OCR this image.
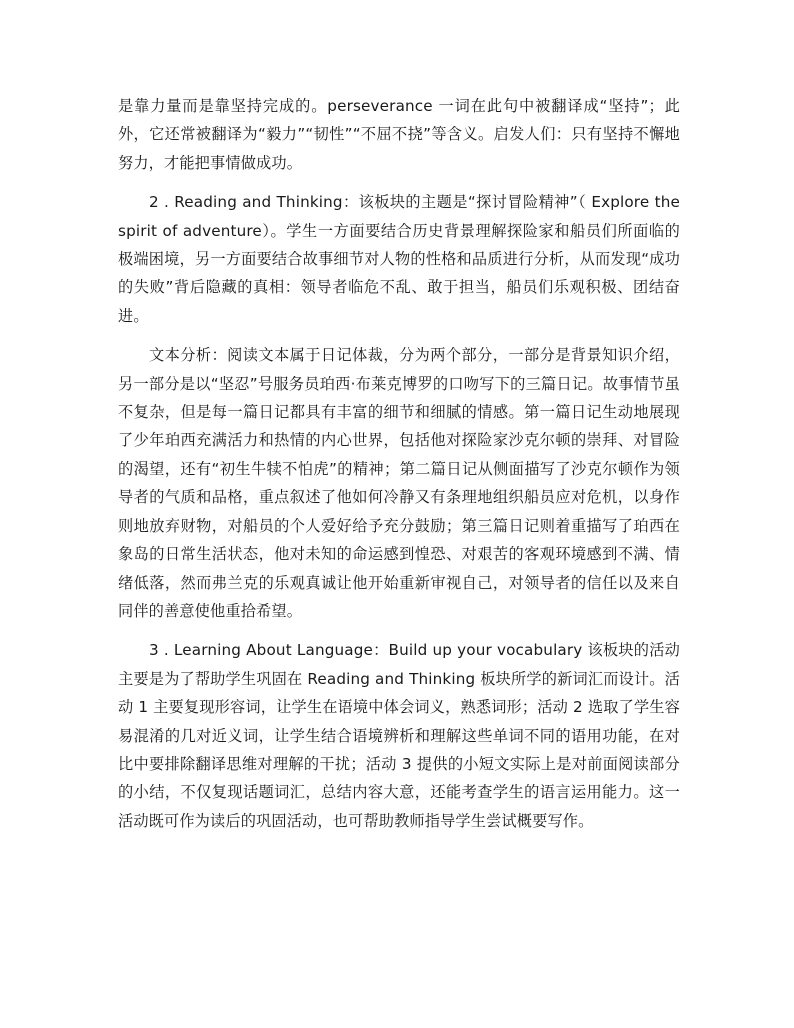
是靠力量而是靠坚持完成的。perseverance 一词在此句中被翻译成“坚持”；此外，它还常被翻译为“毅力”“韧性”“不屈不挠”等含义。启发人们：只有坚持不懈地努力，才能把事情做成功。

2 . Reading and Thinking：该板块的主题是“探讨冒险精神”（ Explore the spirit of adventure）。学生一方面要结合历史背景理解探险家和船员们所面临的极端困境，另一方面要结合故事细节对人物的性格和品质进行分析，从而发现“成功的失败”背后隐藏的真相：领导者临危不乱、敢于担当，船员们乐观积极、团结奋进。

文本分析：阅读文本属于日记体裁，分为两个部分，一部分是背景知识介绍，另一部分是以“坚忍”号服务员珀西·布莱克博罗的口吻写下的三篇日记。故事情节虽不复杂，但是每一篇日记都具有丰富的细节和细腻的情感。第一篇日记生动地展现了少年珀西充满活力和热情的内心世界，包括他对探险家沙克尔顿的崇拜、对冒险的渴望，还有“初生牛犊不怕虎”的精神；第二篇日记从侧面描写了沙克尔顿作为领导者的气质和品格，重点叙述了他如何冷静又有条理地组织船员应对危机，以身作则地放弃财物，对船员的个人爱好给予充分鼓励；第三篇日记则着重描写了珀西在象岛的日常生活状态，他对未知的命运感到惶恐、对艰苦的客观环境感到不满、情绪低落，然而弗兰克的乐观真诚让他开始重新审视自己，对领导者的信任以及来自同伴的善意使他重拾希望。

3 . Learning About Language：Build up your vocabulary 该板块的活动主要是为了帮助学生巩固在 Reading and Thinking 板块所学的新词汇而设计。活动 1 主要复现形容词，让学生在语境中体会词义，熟悉词形；活动 2 选取了学生容易混淆的几对近义词，让学生结合语境辨析和理解这些单词不同的语用功能，在对比中要排除翻译思维对理解的干扰；活动 3 提供的小短文实际上是对前面阅读部分的小结，不仅复现话题词汇，总结内容大意，还能考查学生的语言运用能力。这一活动既可作为读后的巩固活动，也可帮助教师指导学生尝试概要写作。
